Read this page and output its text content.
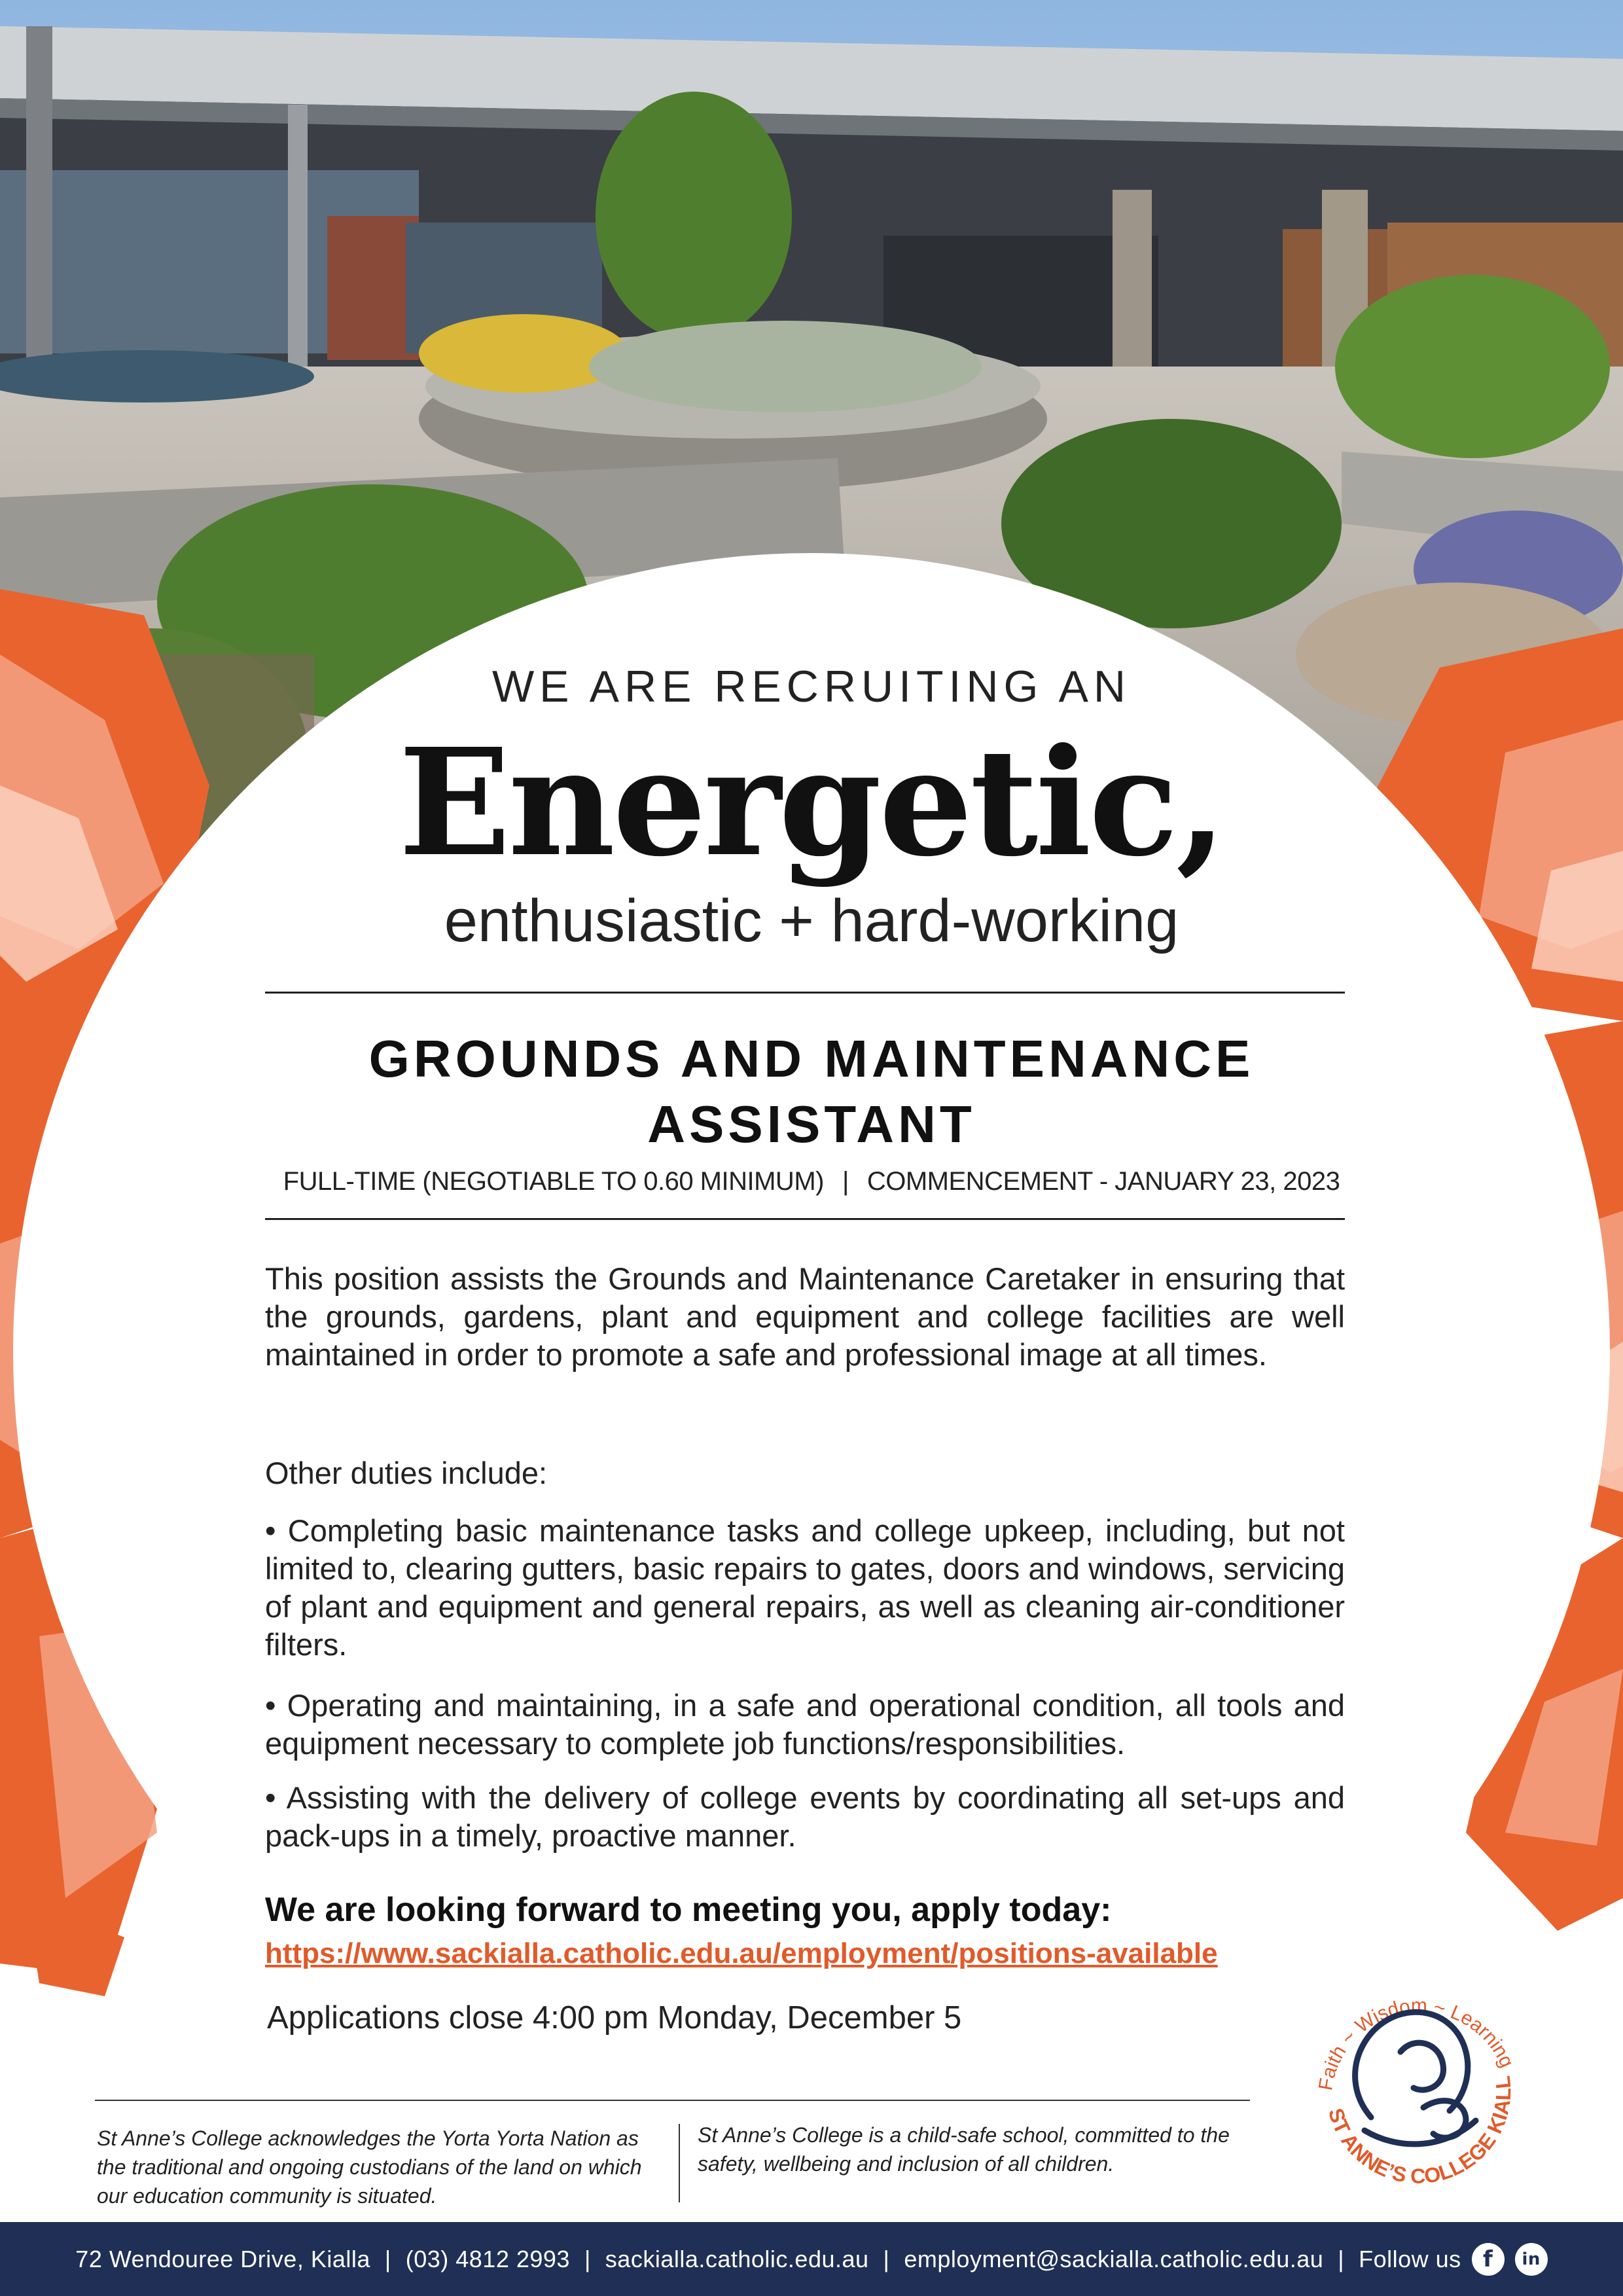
WE ARE RECRUITING AN
Energetic,
enthusiastic + hard-working
GROUNDS AND MAINTENANCE
ASSISTANT
FULL-TIME (NEGOTIABLE TO 0.60 MINIMUM) | COMMENCEMENT - JANUARY 23, 2023
This position assists the Grounds and Maintenance Caretaker in ensuring that the grounds, gardens, plant and equipment and college facilities are well maintained in order to promote a safe and professional image at all times.
Other duties include:
• Completing basic maintenance tasks and college upkeep, including, but not limited to, clearing gutters, basic repairs to gates, doors and windows, servicing of plant and equipment and general repairs, as well as cleaning air-conditioner filters.
• Operating and maintaining, in a safe and operational condition, all tools and equipment necessary to complete job functions/responsibilities.
• Assisting with the delivery of college events by coordinating all set-ups and pack-ups in a timely, proactive manner.
We are looking forward to meeting you, apply today:
https://www.sackialla.catholic.edu.au/employment/positions-available
Applications close 4:00 pm Monday, December 5
St Anne’s College acknowledges the Yorta Yorta Nation as the traditional and ongoing custodians of the land on which our education community is situated.
St Anne’s College is a child-safe school, committed to the safety, wellbeing and inclusion of all children.
Faith ~ Wisdom ~ Learning
ST ANNE’S COLLEGE KIALL
72 Wendouree Drive, Kialla | (03) 4812 2993 | sackialla.catholic.edu.au | employment@sackialla.catholic.edu.au | Follow us f	in
